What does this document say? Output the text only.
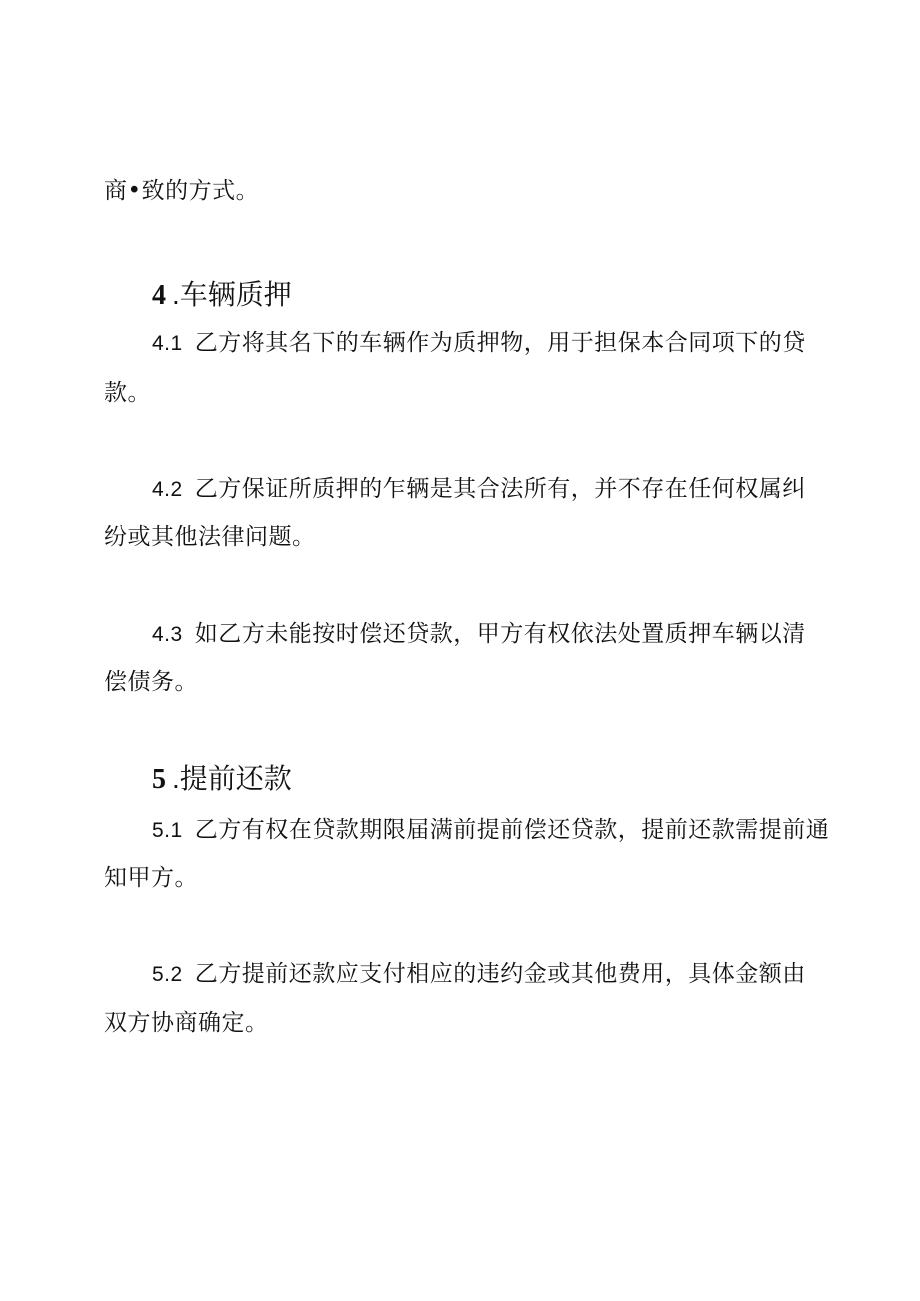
商•致的方式。
4 .车辆质押
4.1 乙方将其名下的车辆作为质押物，用于担保本合同项下的贷
款。
4.2 乙方保证所质押的乍辆是其合法所有，并不存在任何权属纠
纷或其他法律问题。
4.3 如乙方未能按时偿还贷款，甲方有权依法处置质押车辆以清
偿债务。
5 .提前还款
5.1 乙方有权在贷款期限届满前提前偿还贷款，提前还款需提前通
知甲方。
5.2 乙方提前还款应支付相应的违约金或其他费用，具体金额由
双方协商确定。
